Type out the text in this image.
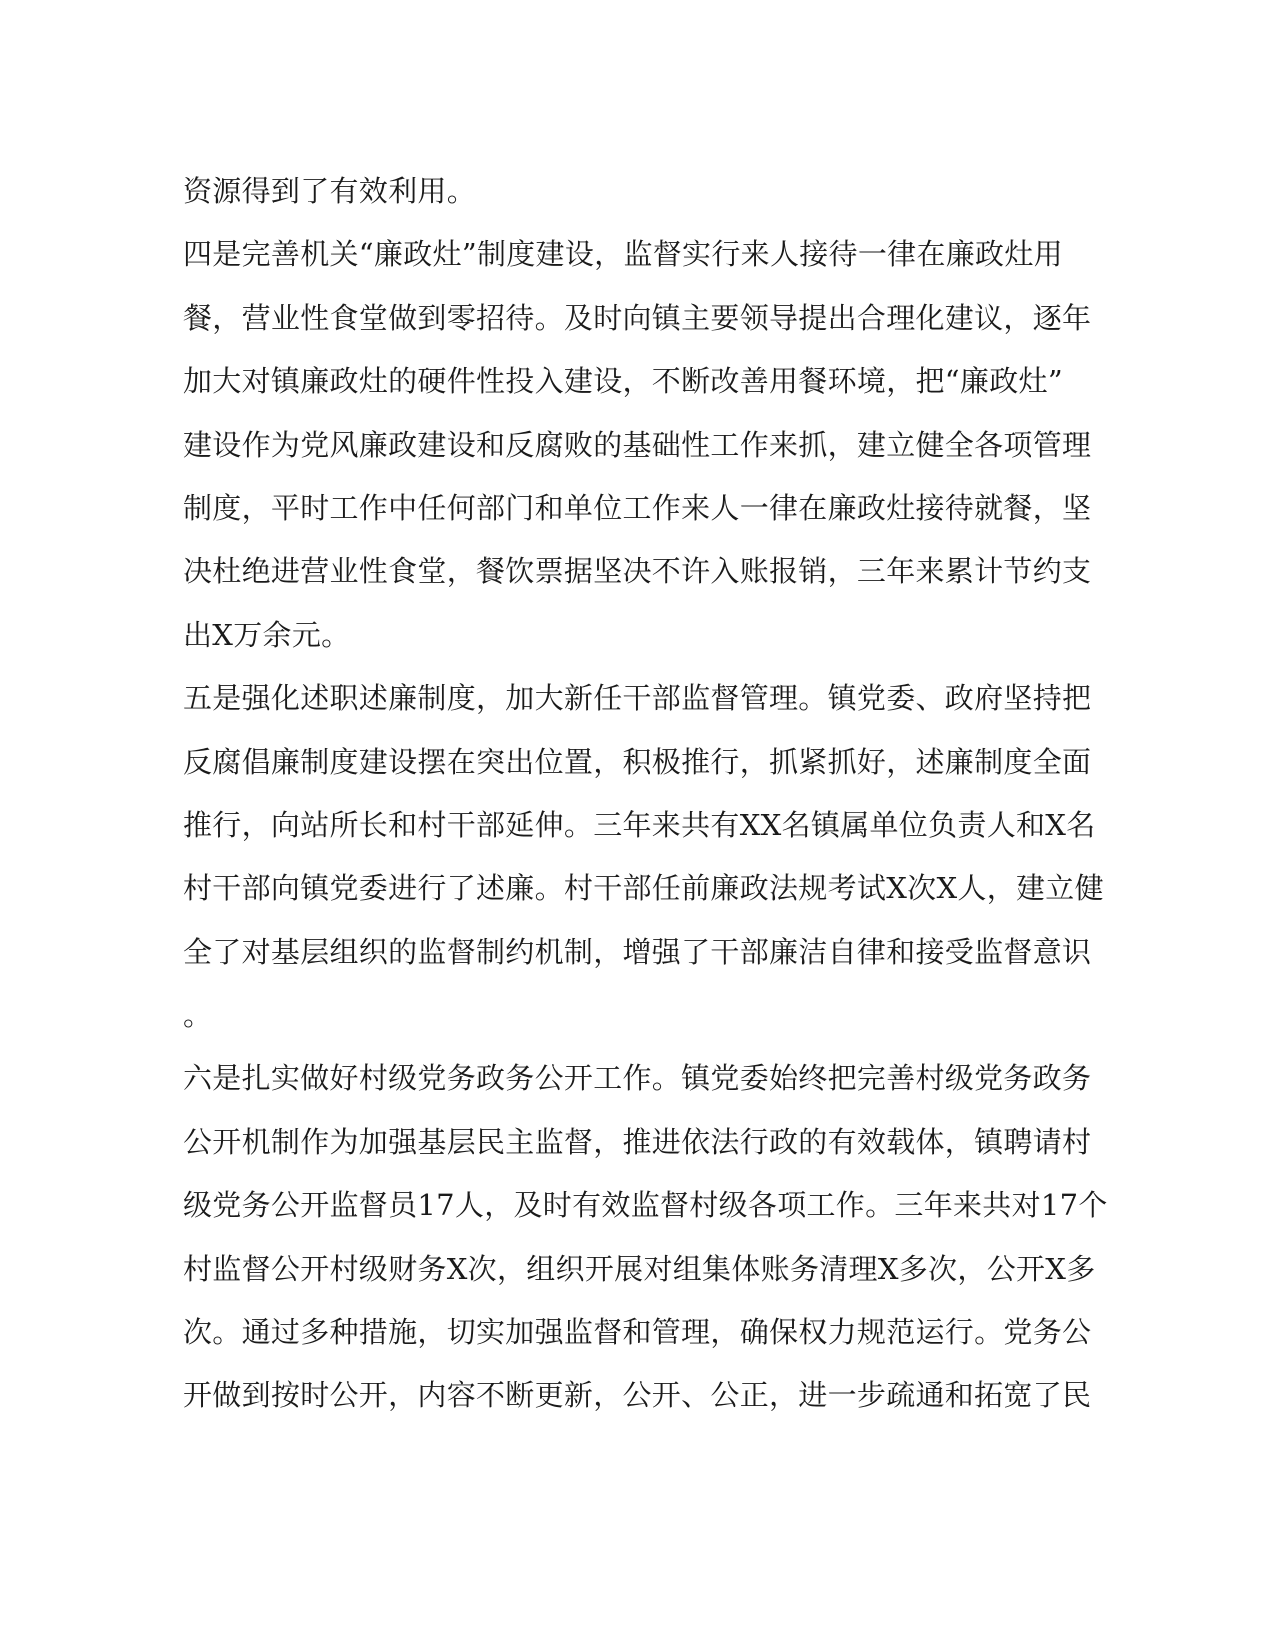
资源得到了有效利用。
四是完善机关“廉政灶”制度建设，监督实行来人接待一律在廉政灶用
餐，营业性食堂做到零招待。及时向镇主要领导提出合理化建议，逐年
加大对镇廉政灶的硬件性投入建设，不断改善用餐环境，把“廉政灶”
建设作为党风廉政建设和反腐败的基础性工作来抓，建立健全各项管理
制度，平时工作中任何部门和单位工作来人一律在廉政灶接待就餐，坚
决杜绝进营业性食堂，餐饮票据坚决不许入账报销，三年来累计节约支
出X万余元。
五是强化述职述廉制度，加大新任干部监督管理。镇党委、政府坚持把
反腐倡廉制度建设摆在突出位置，积极推行，抓紧抓好，述廉制度全面
推行，向站所长和村干部延伸。三年来共有XX名镇属单位负责人和X名
村干部向镇党委进行了述廉。村干部任前廉政法规考试X次X人，建立健
全了对基层组织的监督制约机制，增强了干部廉洁自律和接受监督意识
。
六是扎实做好村级党务政务公开工作。镇党委始终把完善村级党务政务
公开机制作为加强基层民主监督，推进依法行政的有效载体，镇聘请村
级党务公开监督员17人，及时有效监督村级各项工作。三年来共对17个
村监督公开村级财务X次，组织开展对组集体账务清理X多次，公开X多
次。通过多种措施，切实加强监督和管理，确保权力规范运行。党务公
开做到按时公开，内容不断更新，公开、公正，进一步疏通和拓宽了民
